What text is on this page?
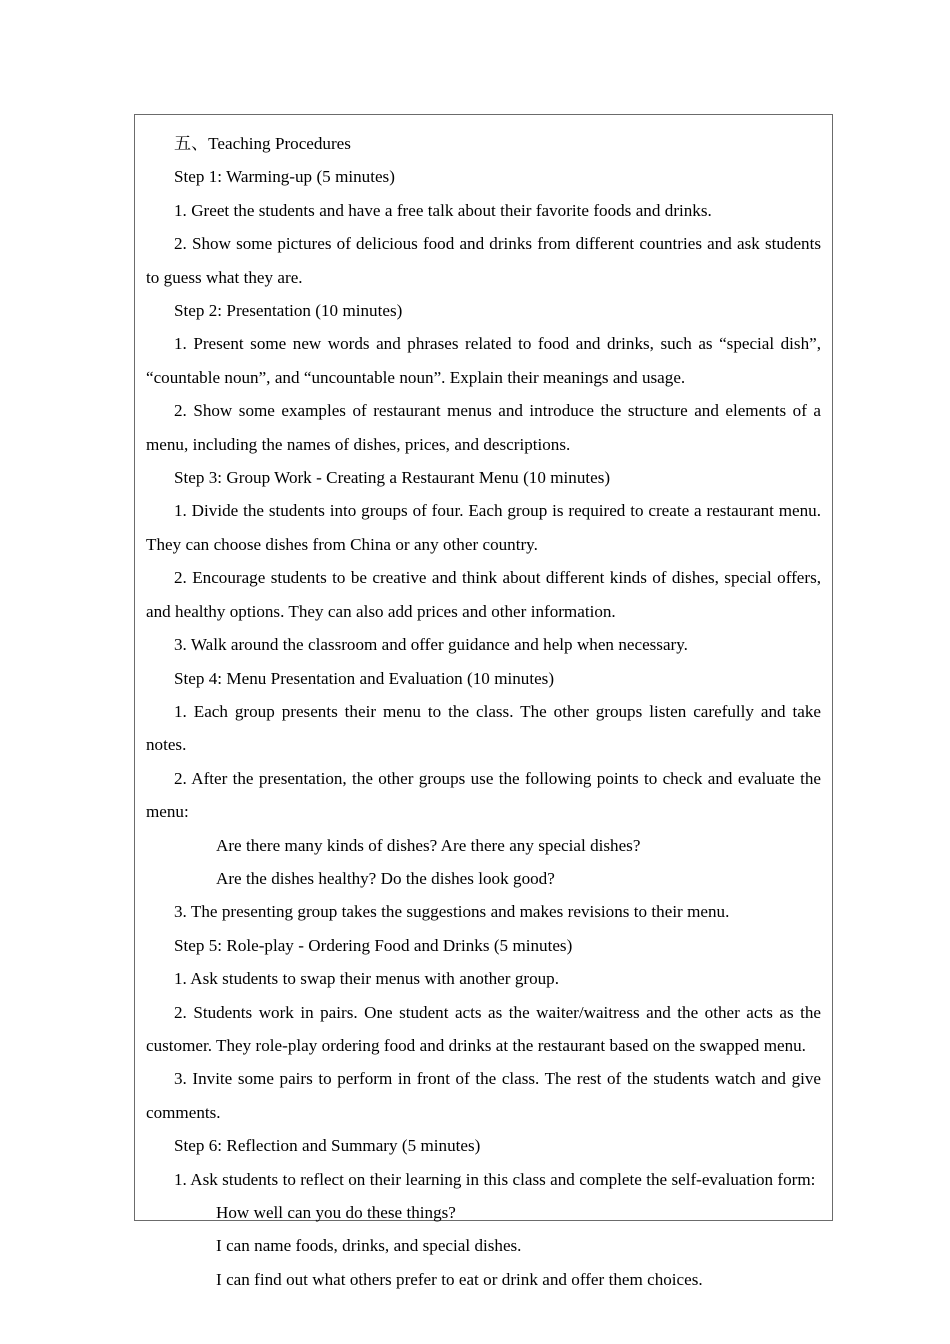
五、Teaching Procedures

Step 1: Warming-up (5 minutes)

1. Greet the students and have a free talk about their favorite foods and drinks.

2. Show some pictures of delicious food and drinks from different countries and ask students to guess what they are.

Step 2: Presentation (10 minutes)

1. Present some new words and phrases related to food and drinks, such as “special dish”, “countable noun”, and “uncountable noun”. Explain their meanings and usage.

2. Show some examples of restaurant menus and introduce the structure and elements of a menu, including the names of dishes, prices, and descriptions.

Step 3: Group Work - Creating a Restaurant Menu (10 minutes)

1. Divide the students into groups of four. Each group is required to create a restaurant menu. They can choose dishes from China or any other country.

2. Encourage students to be creative and think about different kinds of dishes, special offers, and healthy options. They can also add prices and other information.

3. Walk around the classroom and offer guidance and help when necessary.

Step 4: Menu Presentation and Evaluation (10 minutes)

1. Each group presents their menu to the class. The other groups listen carefully and take notes.

2. After the presentation, the other groups use the following points to check and evaluate the menu:

Are there many kinds of dishes? Are there any special dishes?

Are the dishes healthy? Do the dishes look good?

3. The presenting group takes the suggestions and makes revisions to their menu.

Step 5: Role-play - Ordering Food and Drinks (5 minutes)

1. Ask students to swap their menus with another group.

2. Students work in pairs. One student acts as the waiter/waitress and the other acts as the customer. They role-play ordering food and drinks at the restaurant based on the swapped menu.

3. Invite some pairs to perform in front of the class. The rest of the students watch and give comments.

Step 6: Reflection and Summary (5 minutes)

1. Ask students to reflect on their learning in this class and complete the self-evaluation form:

How well can you do these things?

I can name foods, drinks, and special dishes.

I can find out what others prefer to eat or drink and offer them choices.
